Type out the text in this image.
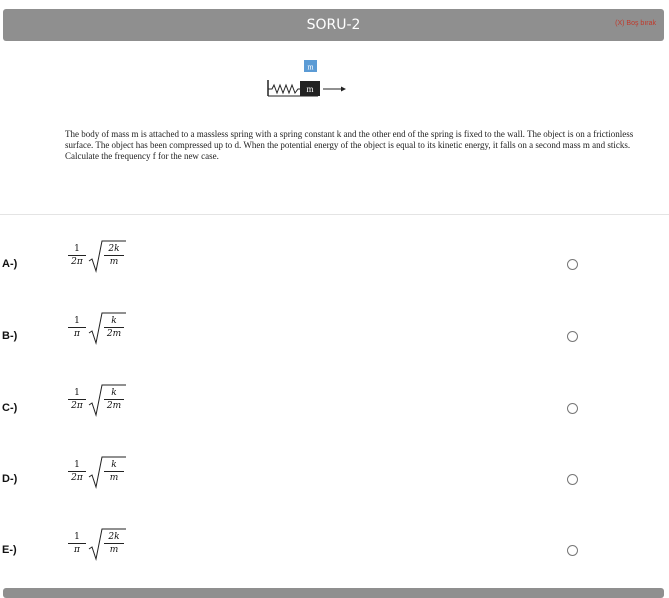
SORU-2	(X) Boş bırak
m
m
The body of mass m is attached to a massless spring with a spring constant k and the other end of the spring is fixed to the wall. The object is on a frictionless surface. The object has been compressed up to d. When the potential energy of the object is equal to its kinetic energy, it falls on a second mass m and sticks. Calculate the frequency f for the new case.
A-)
1
2π
2k
m
B-)
1
π
k
2m
C-)
1
2π
k
2m
D-)
1
2π
k
m
E-)
1
π
2k
m
